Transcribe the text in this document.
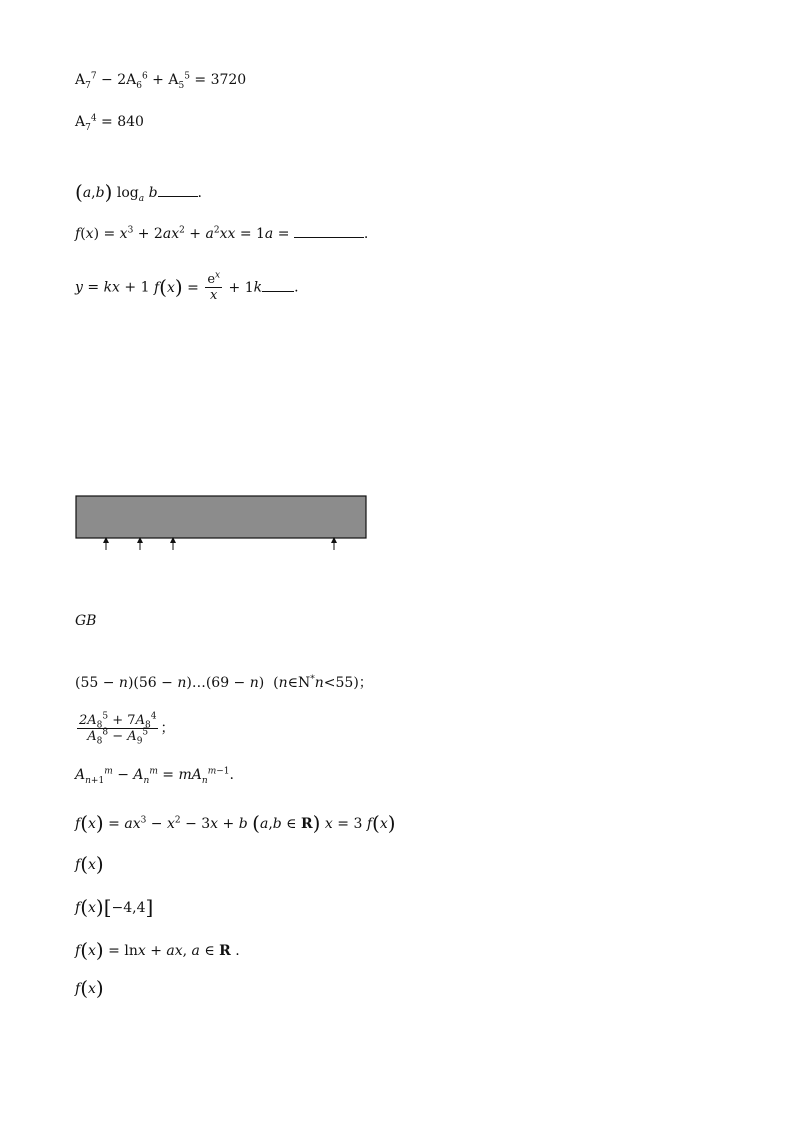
$A_7^7 - 2A_6^6 + A_5^5 = 3720$
$A_7^4 = 840$
(a,b) $\log_a b$	.
$f(x) = x^3 + 2ax^2 + a^2xx = 1a$ =	.
y = kx + 1 $f(x) = \frac{e^x}{x} + 1k$ .
GB
(55 − n)(56 − n)…(69 − n)  (n∈N*n<55)；
$\frac{2A_8^5 + 7A_8^4}{A_8^8 - A_9^5}$ ；
$A_{n+1}^m - A_n^m = mA_n^{m-1}$.
$f(x) = ax^3 - x^2 - 3x + b$ (a,b ∈ R) x = 3 f(x)
f(x)
f(x)[−4,4]
f(x) = lnx + ax, a ∈ R .
f(x)
